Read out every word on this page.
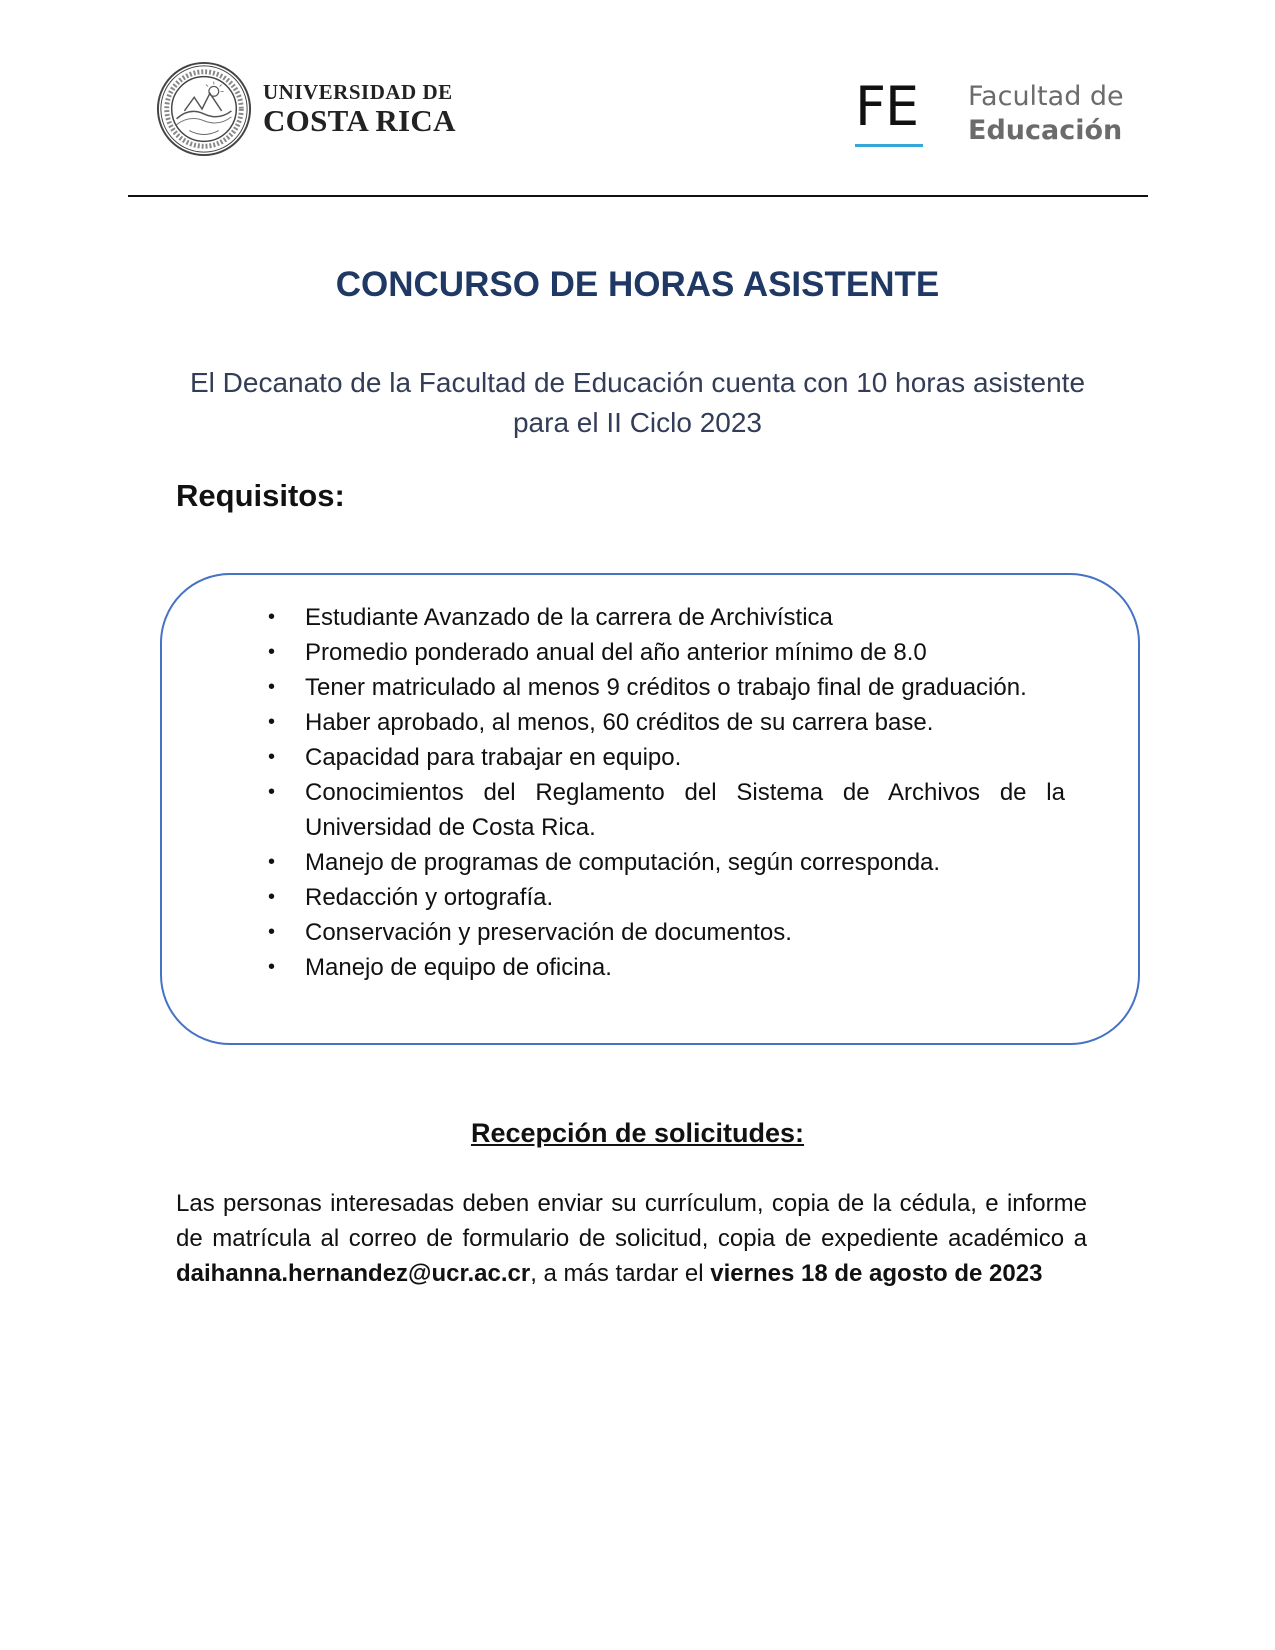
UNIVERSIDAD DE
COSTA RICA	FE Facultad de
Educación
CONCURSO DE HORAS ASISTENTE
El Decanato de la Facultad de Educación cuenta con 10 horas asistente para el II Ciclo 2023
Requisitos:
• Estudiante Avanzado de la carrera de Archivística
• Promedio ponderado anual del año anterior mínimo de 8.0
• Tener matriculado al menos 9 créditos o trabajo final de graduación.
• Haber aprobado, al menos, 60 créditos de su carrera base.
• Capacidad para trabajar en equipo.
• Conocimientos del Reglamento del Sistema de Archivos de la Universidad de Costa Rica.
• Manejo de programas de computación, según corresponda.
• Redacción y ortografía.
• Conservación y preservación de documentos.
• Manejo de equipo de oficina.
Recepción de solicitudes:
Las personas interesadas deben enviar su currículum, copia de la cédula, e informe de matrícula al correo de formulario de solicitud, copia de expediente académico a daihanna.hernandez@ucr.ac.cr, a más tardar el viernes 18 de agosto de 2023
